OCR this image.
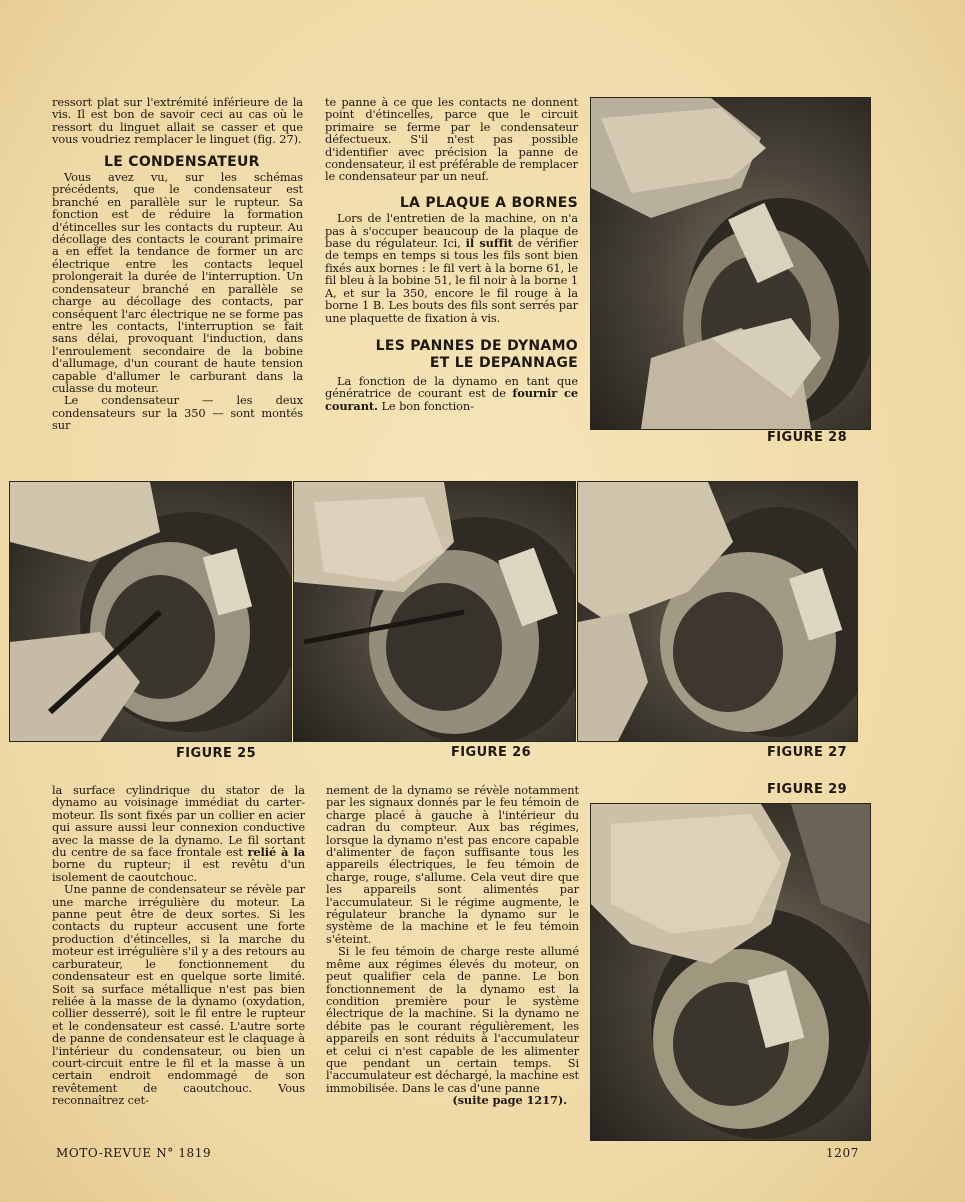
ressort plat sur l'extrémité inférieure de la vis. Il est bon de savoir ceci au cas où le ressort du linguet allait se casser et que vous voudriez remplacer le linguet (fig. 27).

LE CONDENSATEUR

Vous avez vu, sur les schémas précédents, que le condensateur est branché en parallèle sur le rupteur. Sa fonction est de réduire la formation d'étincelles sur les contacts du rupteur. Au décollage des contacts le courant primaire a en effet la tendance de former un arc électrique entre les contacts lequel prolongerait la durée de l'interruption. Un condensateur branché en parallèle se charge au décollage des contacts, par conséquent l'arc électrique ne se forme pas entre les contacts, l'interruption se fait sans délai, provoquant l'induction, dans l'enroulement secondaire de la bobine d'allumage, d'un courant de haute tension capable d'allumer le carburant dans la culasse du moteur.

Le condensateur — les deux condensateurs sur la 350 — sont montés sur

te panne à ce que les contacts ne donnent point d'étincelles, parce que le circuit primaire se ferme par le condensateur défectueux. S'il n'est pas possible d'identifier avec précision la panne de condensateur, il est préférable de remplacer le condensateur par un neuf.

LA PLAQUE A BORNES

Lors de l'entretien de la machine, on n'a pas à s'occuper beaucoup de la plaque de base du régulateur. Ici, il suffit de vérifier de temps en temps si tous les fils sont bien fixés aux bornes : le fil vert à la borne 61, le fil bleu à la bobine 51, le fil noir à la borne 1 A, et sur la 350, encore le fil rouge à la borne 1 B. Les bouts des fils sont serrés par une plaquette de fixation à vis.

LES PANNES DE DYNAMO
ET LE DEPANNAGE

La fonction de la dynamo en tant que génératrice de courant est de fournir ce courant. Le bon fonction-

FIGURE 28

FIGURE 25	FIGURE 26	FIGURE 27

la surface cylindrique du stator de la dynamo au voisinage immédiat du carter-moteur. Ils sont fixés par un collier en acier qui assure aussi leur connexion conductive avec la masse de la dynamo. Le fil sortant du centre de sa face frontale est relié à la borne du rupteur; il est revêtu d'un isolement de caoutchouc.

Une panne de condensateur se révèle par une marche irrégulière du moteur. La panne peut être de deux sortes. Si les contacts du rupteur accusent une forte production d'étincelles, si la marche du moteur est irrégulière s'il y a des retours au carburateur, le fonctionnement du condensateur est en quelque sorte limité. Soit sa surface métallique n'est pas bien reliée à la masse de la dynamo (oxydation, collier desserré), soit le fil entre le rupteur et le condensateur est cassé. L'autre sorte de panne de condensateur est le claquage à l'intérieur du condensateur, ou bien un court-circuit entre le fil et la masse à un certain endroit endommagé de son revêtement de caoutchouc. Vous reconnaîtrez cet-

nement de la dynamo se révèle notamment par les signaux donnés par le feu témoin de charge placé à gauche à l'intérieur du cadran du compteur. Aux bas régimes, lorsque la dynamo n'est pas encore capable d'alimenter de façon suffisante tous les appareils électriques, le feu témoin de charge, rouge, s'allume. Cela veut dire que les appareils sont alimentés par l'accumulateur. Si le régime augmente, le régulateur branche la dynamo sur le système de la machine et le feu témoin s'éteint.

Si le feu témoin de charge reste allumé même aux régimes élevés du moteur, on peut qualifier cela de panne. Le bon fonctionnement de la dynamo est la condition première pour le système électrique de la machine. Si la dynamo ne débite pas le courant régulièrement, les appareils en sont réduits à l'accumulateur et celui ci n'est capable de les alimenter que pendant un certain temps. Si l'accumulateur est déchargé, la machine est immobilisée. Dans le cas d'une panne

(suite page 1217).

FIGURE 29

MOTO-REVUE N° 1819	1207
